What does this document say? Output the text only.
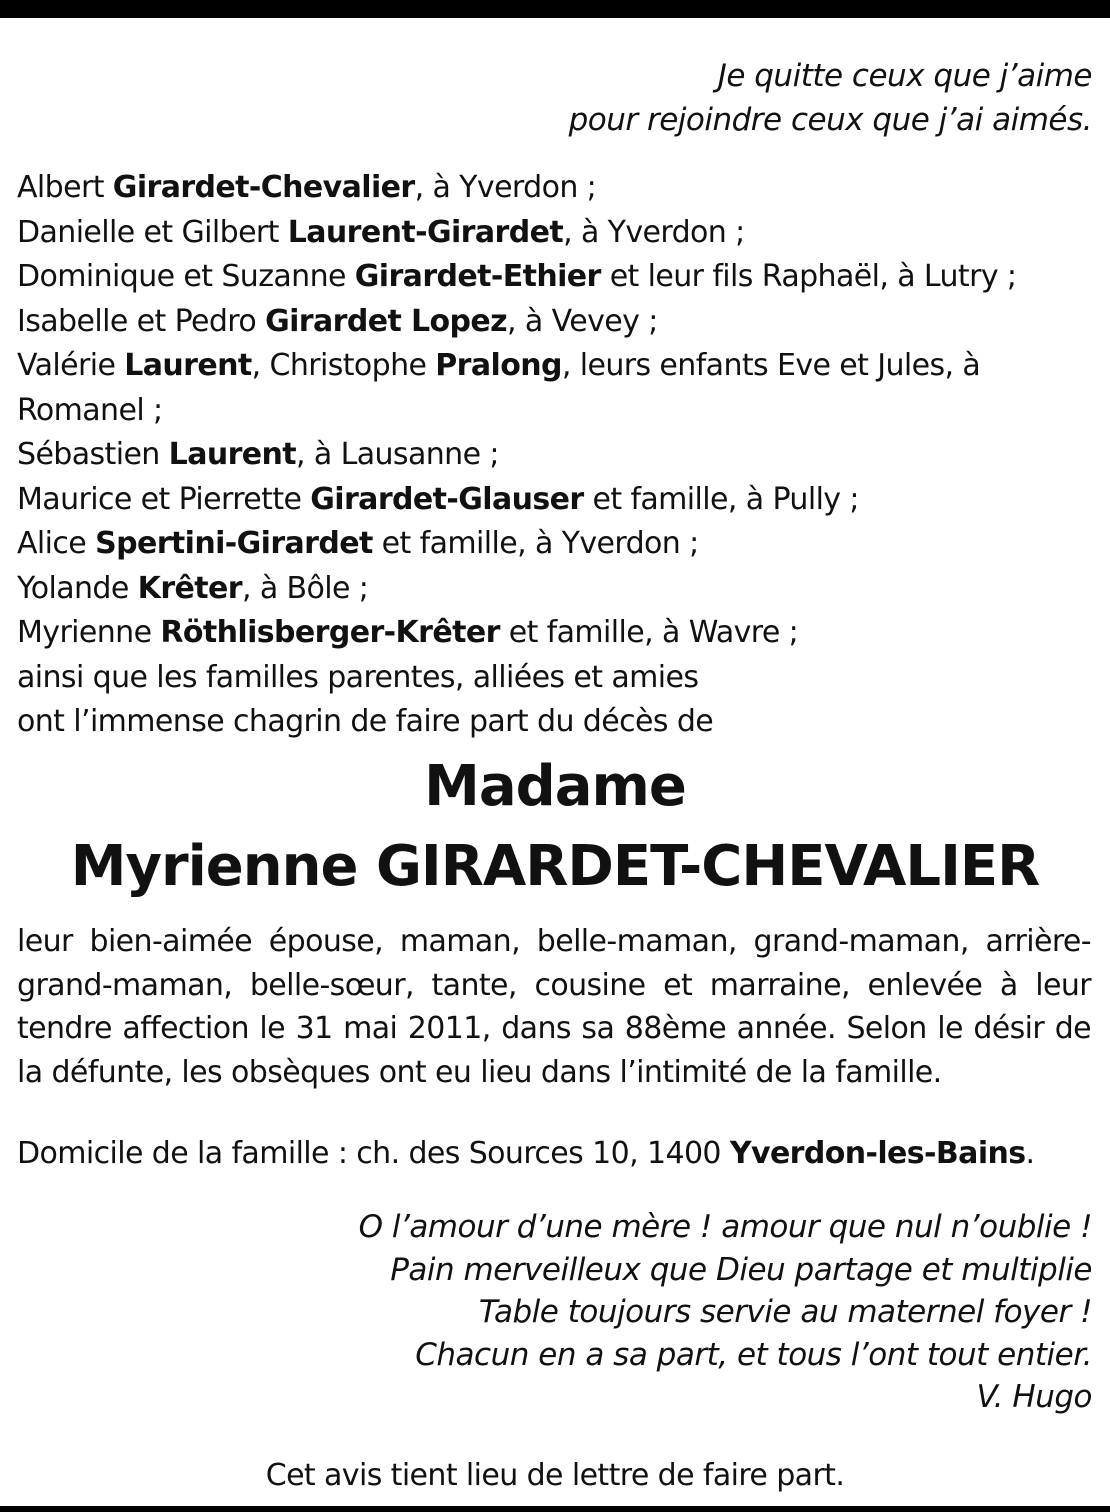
Je quitte ceux que j’aime
pour rejoindre ceux que j’ai aimés.
Albert Girardet-Chevalier, à Yverdon ;
Danielle et Gilbert Laurent-Girardet, à Yverdon ;
Dominique et Suzanne Girardet-Ethier et leur fils Raphaël, à Lutry ;
Isabelle et Pedro Girardet Lopez, à Vevey ;
Valérie Laurent, Christophe Pralong, leurs enfants Eve et Jules, à Romanel ;
Sébastien Laurent, à Lausanne ;
Maurice et Pierrette Girardet-Glauser et famille, à Pully ;
Alice Spertini-Girardet et famille, à Yverdon ;
Yolande Krêter, à Bôle ;
Myrienne Röthlisberger-Krêter et famille, à Wavre ;
ainsi que les familles parentes, alliées et amies
ont l’immense chagrin de faire part du décès de
Madame
Myrienne GIRARDET-CHEVALIER
leur bien-aimée épouse, maman, belle-maman, grand-maman, arrière-grand-maman, belle-sœur, tante, cousine et marraine, enlevée à leur tendre affection le 31 mai 2011, dans sa 88ème année. Selon le désir de la défunte, les obsèques ont eu lieu dans l’intimité de la famille.
Domicile de la famille : ch. des Sources 10, 1400 Yverdon-les-Bains.
O l’amour d’une mère ! amour que nul n’oublie !
Pain merveilleux que Dieu partage et multiplie
Table toujours servie au maternel foyer !
Chacun en a sa part, et tous l’ont tout entier.
V. Hugo
Cet avis tient lieu de lettre de faire part.
